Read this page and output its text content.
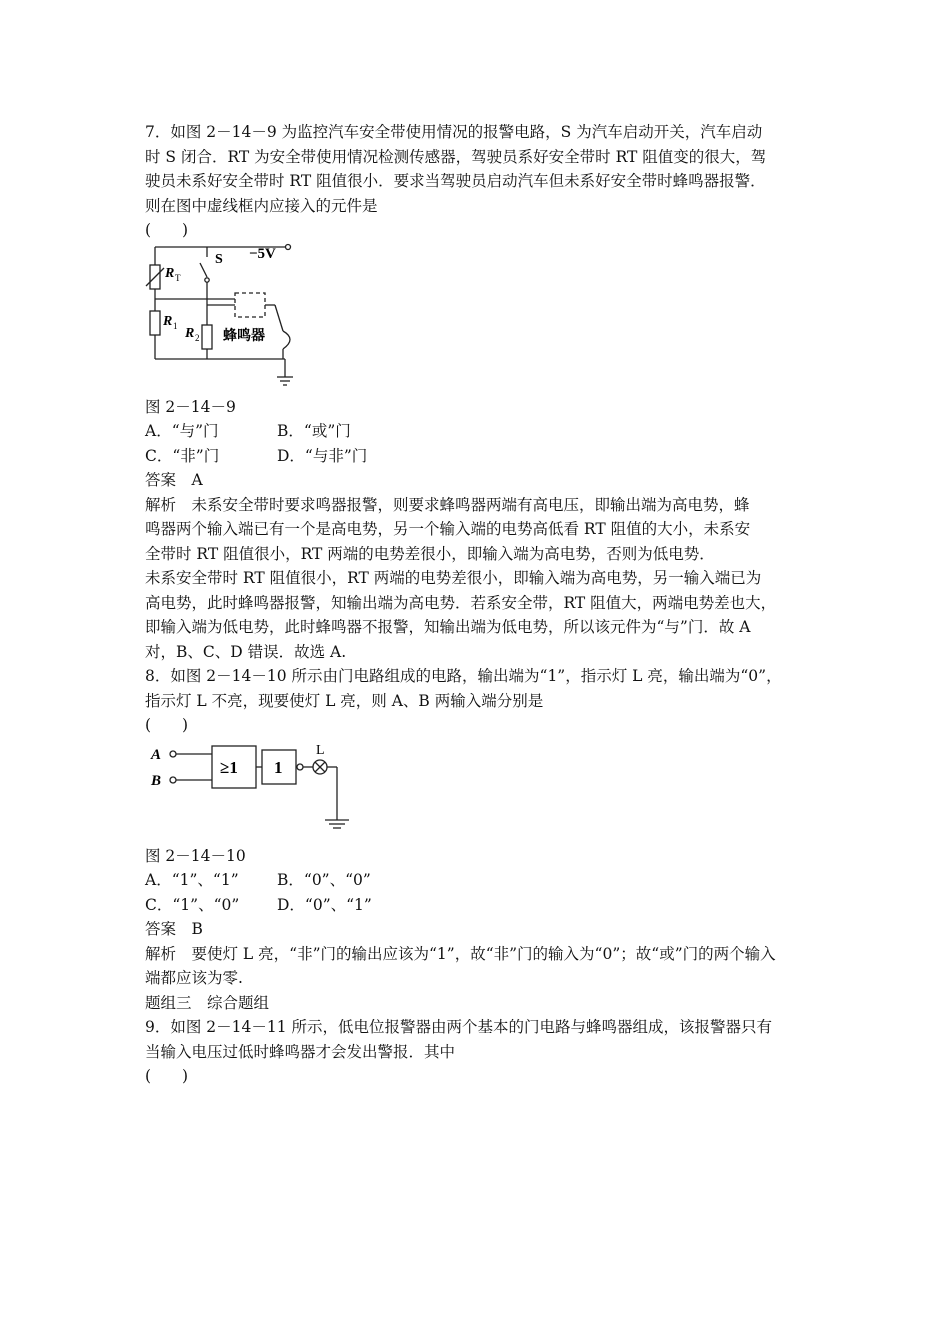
7．如图 2－14－9 为监控汽车安全带使用情况的报警电路，S 为汽车启动开关，汽车启动
时 S 闭合．RT 为安全带使用情况检测传感器，驾驶员系好安全带时 RT 阻值变的很大，驾
驶员未系好安全带时 RT 阻值很小．要求当驾驶员启动汽车但未系好安全带时蜂鸣器报警．
则在图中虚线框内应接入的元件是
(　　)
−5V
S
R T
R 1 R 2 蜂鸣器
图 2－14－9
A．“与”门	B．“或”门
C．“非”门	D．“与非”门
答案　A
解析　未系安全带时要求鸣器报警，则要求蜂鸣器两端有高电压，即输出端为高电势，蜂
鸣器两个输入端已有一个是高电势，另一个输入端的电势高低看 RT 阻值的大小，未系安
全带时 RT 阻值很小，RT 两端的电势差很小，即输入端为高电势，否则为低电势．
未系安全带时 RT 阻值很小，RT 两端的电势差很小，即输入端为高电势，另一输入端已为
高电势，此时蜂鸣器报警，知输出端为高电势．若系安全带，RT 阻值大，两端电势差也大，
即输入端为低电势，此时蜂鸣器不报警，知输出端为低电势，所以该元件为“与”门．故 A
对，B、C、D 错误．故选 A.
8．如图 2－14－10 所示由门电路组成的电路，输出端为“1”，指示灯 L 亮，输出端为“0”，
指示灯 L 不亮，现要使灯 L 亮，则 A、B 两输入端分别是
(　　)
A
B
≥1 1
L
图 2－14－10
A．“1”、“1”	B．“0”、“0”
C．“1”、“0”	D．“0”、“1”
答案　B
解析　要使灯 L 亮，“非”门的输出应该为“1”，故“非”门的输入为“0”；故“或”门的两个输入
端都应该为零.
题组三　综合题组
9．如图 2－14－11 所示，低电位报警器由两个基本的门电路与蜂鸣器组成，该报警器只有
当输入电压过低时蜂鸣器才会发出警报．其中
(　　)
